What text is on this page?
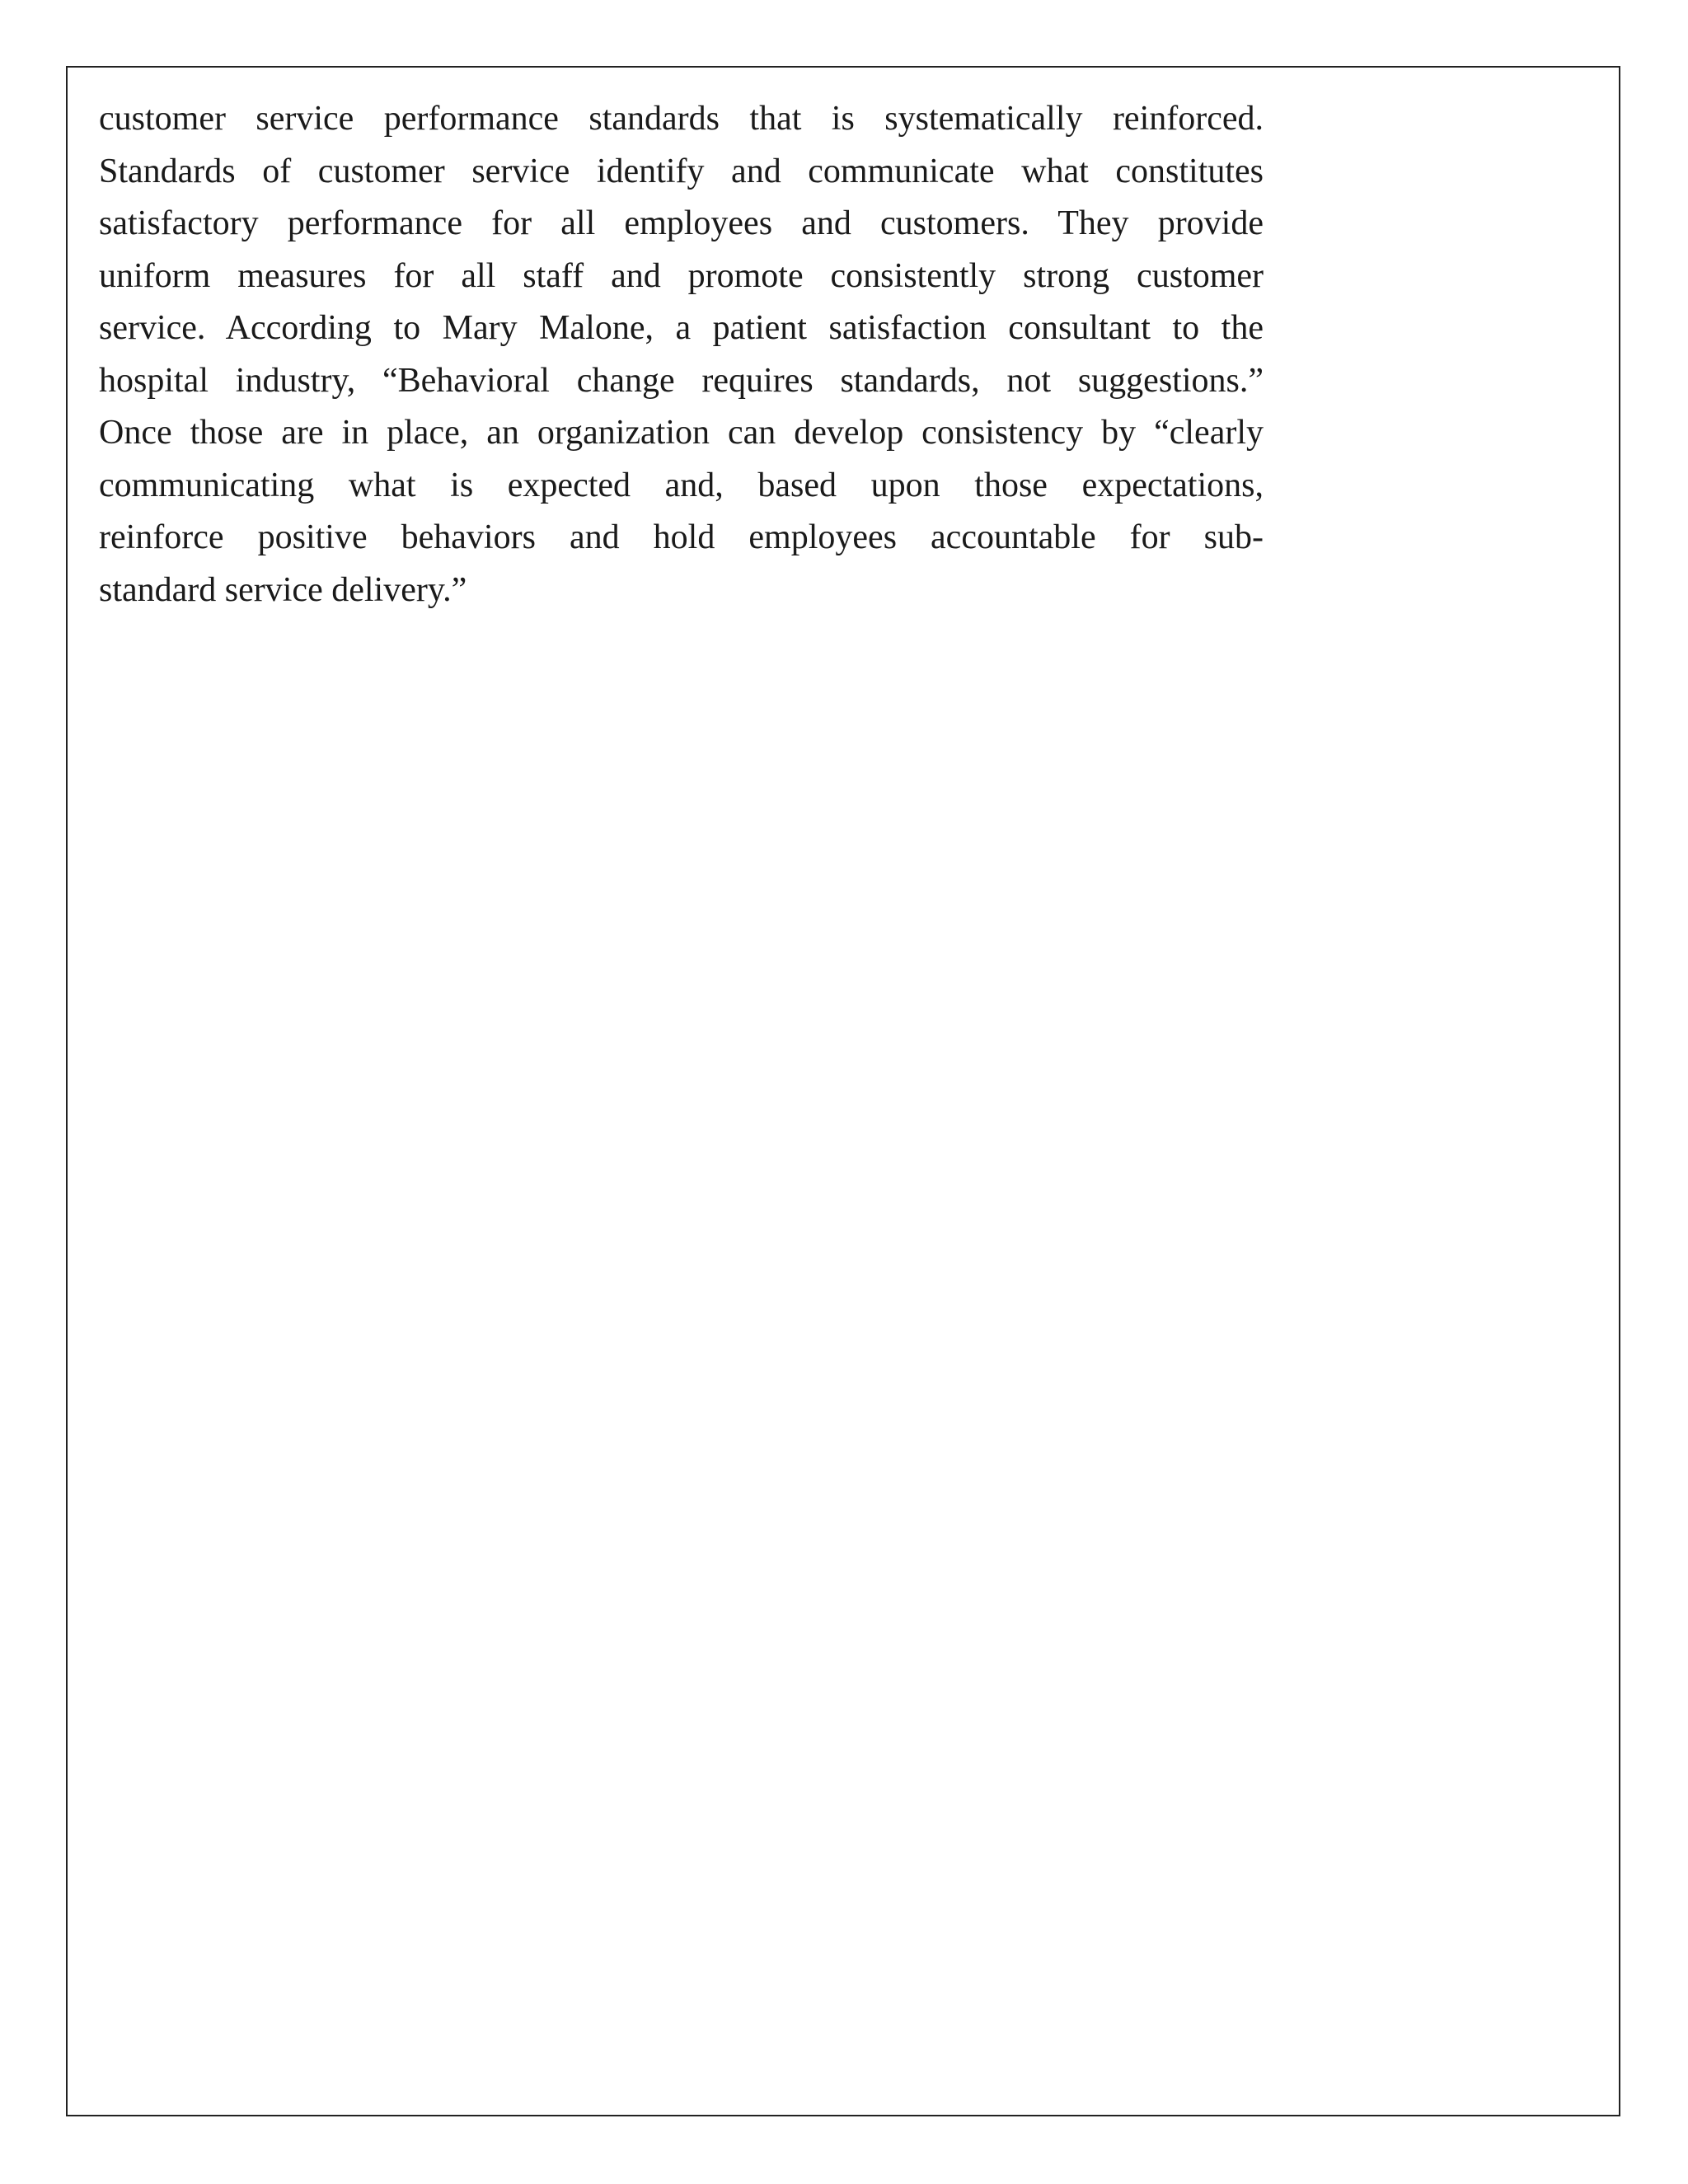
customer service performance standards that is systematically reinforced.
Standards of customer service identify and communicate what constitutes
satisfactory performance for all employees and customers. They provide
uniform measures for all staff and promote consistently strong customer
service. According to Mary Malone, a patient satisfaction consultant to the
hospital industry, “Behavioral change requires standards, not suggestions.”
Once those are in place, an organization can develop consistency by “clearly
communicating what is expected and, based upon those expectations,
reinforce positive behaviors and hold employees accountable for sub-
standard service delivery.”
